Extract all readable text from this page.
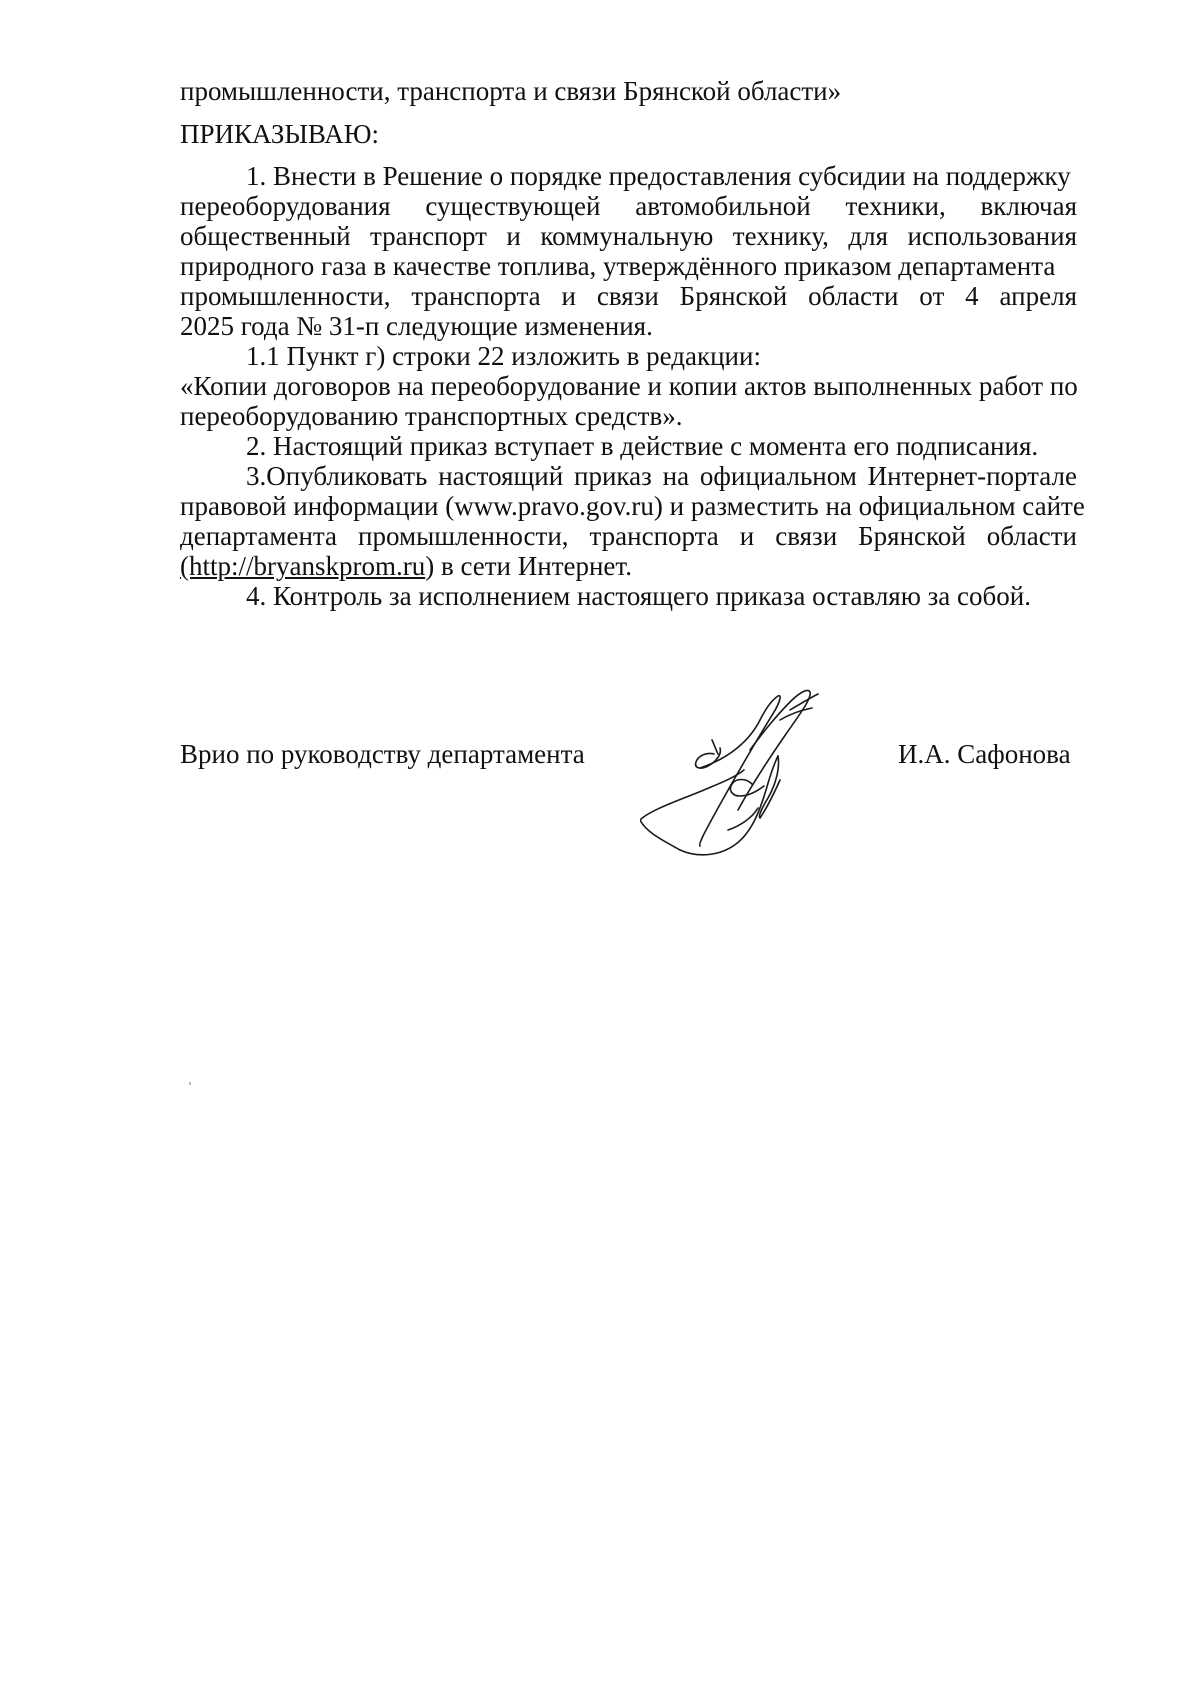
промышленности, транспорта и связи Брянской области»
ПРИКАЗЫВАЮ:
1. Внести в Решение о порядке предоставления субсидии на поддержку
переоборудования существующей автомобильной техники, включая
общественный транспорт и коммунальную технику, для использования
природного газа в качестве топлива, утверждённого приказом департамента
промышленности, транспорта и связи Брянской области от 4 апреля
2025 года № 31-п следующие изменения.
1.1 Пункт г) строки 22 изложить в редакции:
«Копии договоров на переоборудование и копии актов выполненных работ по
переоборудованию транспортных средств».
2. Настоящий приказ вступает в действие с момента его подписания.
3.Опубликовать настоящий приказ на официальном Интернет-портале
правовой информации (www.pravo.gov.ru) и разместить на официальном сайте
департамента промышленности, транспорта и связи Брянской области
(http://bryanskprom.ru) в сети Интернет.
4. Контроль за исполнением настоящего приказа оставляю за собой.
Врио по руководству департамента	И.А. Сафонова
